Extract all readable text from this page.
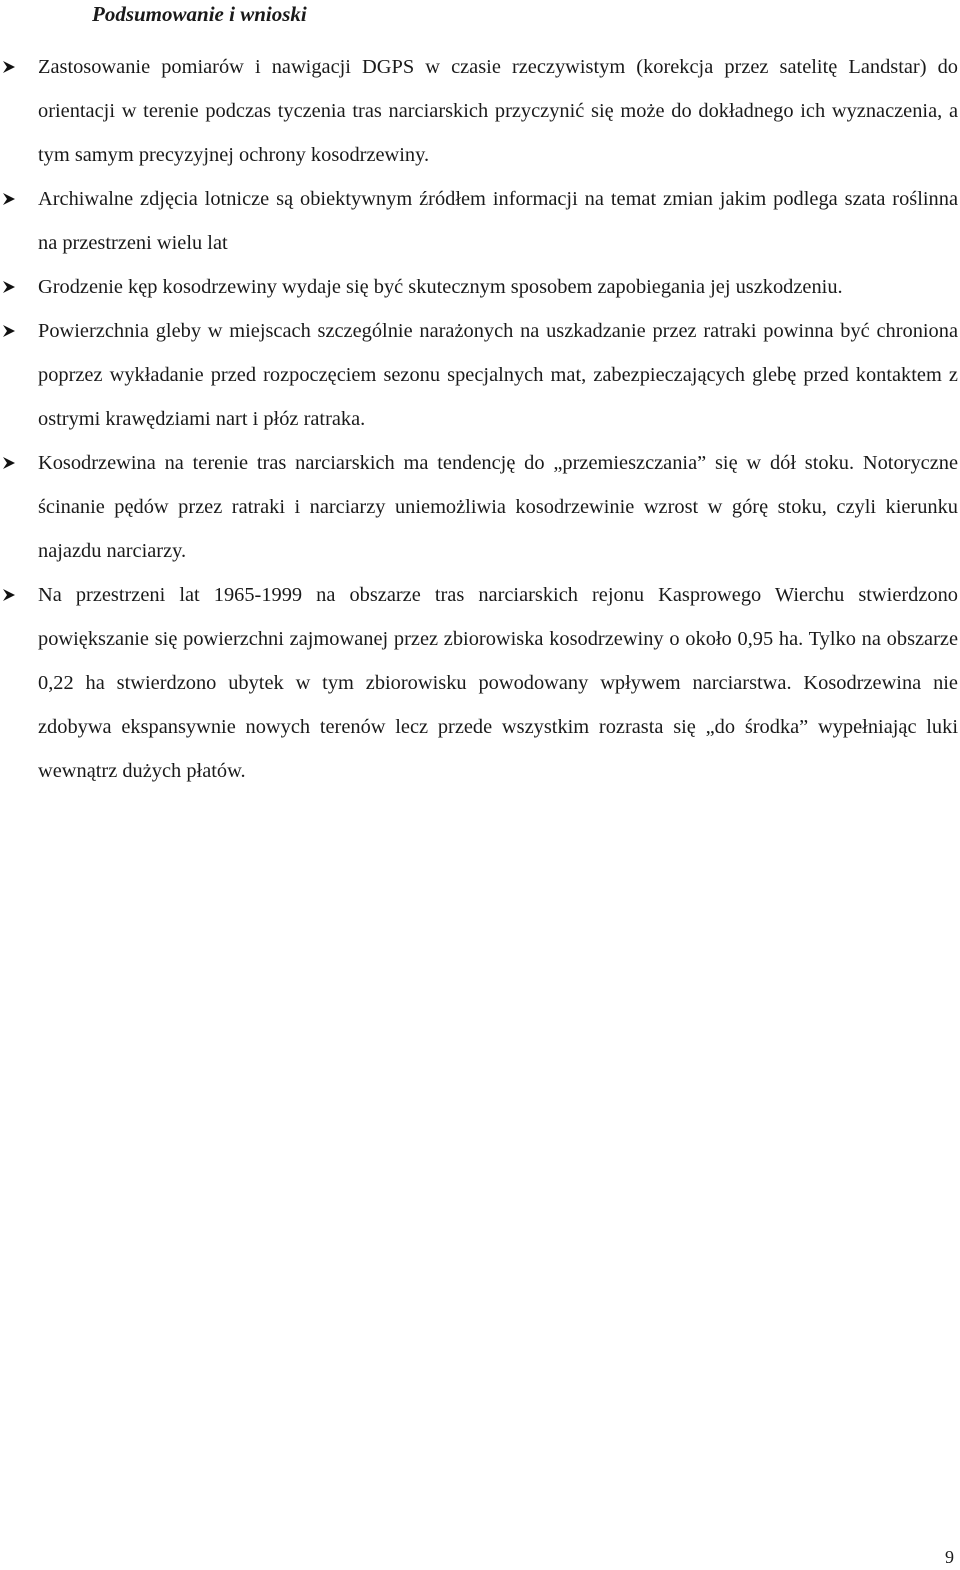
Podsumowanie i wnioski
Zastosowanie pomiarów i nawigacji DGPS w czasie rzeczywistym (korekcja przez satelitę Landstar) do orientacji w terenie podczas tyczenia tras narciarskich przyczynić się może do dokładnego ich wyznaczenia, a tym samym precyzyjnej ochrony kosodrzewiny.
Archiwalne zdjęcia lotnicze są obiektywnym źródłem informacji na temat zmian jakim podlega szata roślinna na przestrzeni wielu lat
Grodzenie kęp kosodrzewiny wydaje się być skutecznym sposobem zapobiegania jej uszkodzeniu.
Powierzchnia gleby w miejscach szczególnie narażonych na uszkadzanie przez ratraki powinna być chroniona poprzez wykładanie przed rozpoczęciem sezonu specjalnych mat, zabezpieczających glebę przed kontaktem z ostrymi krawędziami nart i płóz ratraka.
Kosodrzewina na terenie tras narciarskich ma tendencję do „przemieszczania” się w dół stoku. Notoryczne ścinanie pędów przez ratraki i narciarzy uniemożliwia kosodrzewinie wzrost w górę stoku, czyli kierunku najazdu narciarzy.
Na przestrzeni lat 1965-1999 na obszarze tras narciarskich rejonu Kasprowego Wierchu stwierdzono powiększanie się powierzchni zajmowanej przez zbiorowiska kosodrzewiny o około 0,95 ha. Tylko na obszarze 0,22 ha stwierdzono ubytek w tym zbiorowisku powodowany wpływem narciarstwa. Kosodrzewina nie zdobywa ekspansywnie nowych terenów lecz przede wszystkim rozrasta się „do środka” wypełniając luki wewnątrz dużych płatów.
9
